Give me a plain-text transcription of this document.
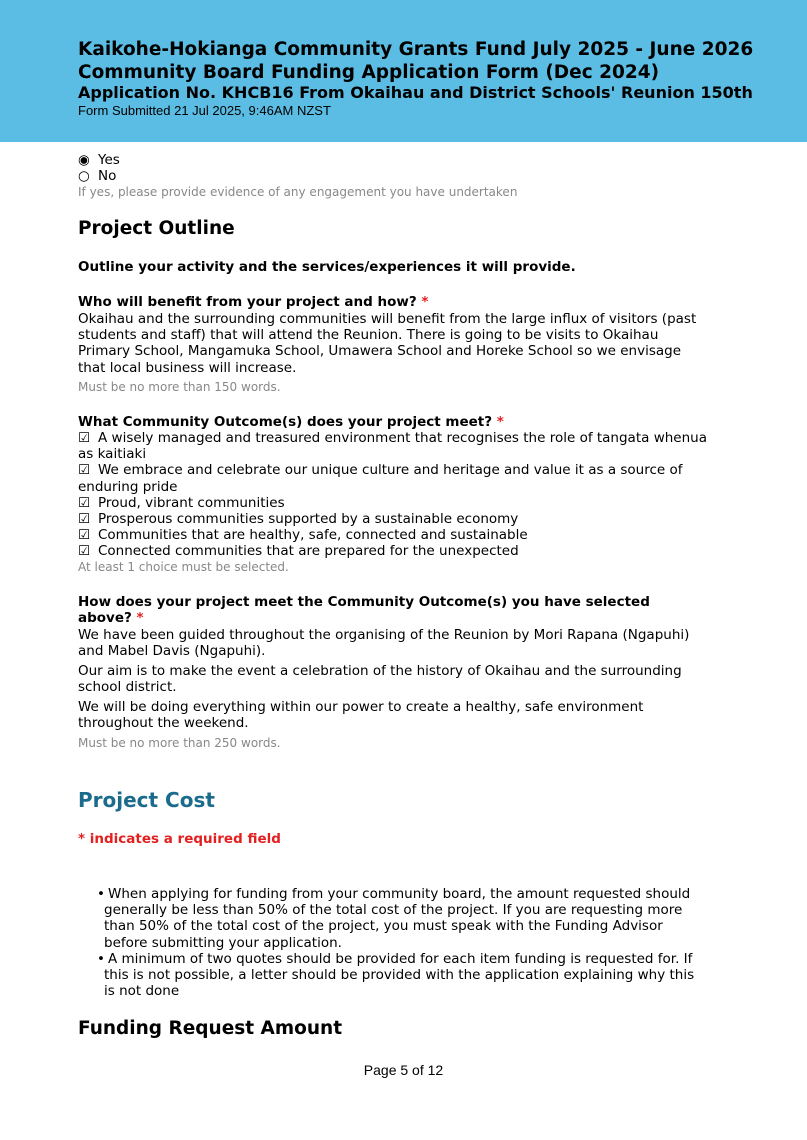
Kaikohe-Hokianga Community Grants Fund July 2025 - June 2026
Community Board Funding Application Form (Dec 2024)
Application No. KHCB16 From Okaihau and District Schools' Reunion 150th
Form Submitted 21 Jul 2025, 9:46AM NZST
◉ Yes
○ No
If yes, please provide evidence of any engagement you have undertaken
Project Outline
Outline your activity and the services/experiences it will provide.
Who will benefit from your project and how? *
Okaihau and the surrounding communities will benefit from the large influx of visitors (past students and staff) that will attend the Reunion. There is going to be visits to Okaihau Primary School, Mangamuka School, Umawera School and Horeke School so we envisage that local business will increase.
Must be no more than 150 words.
What Community Outcome(s) does your project meet? *
☑ A wisely managed and treasured environment that recognises the role of tangata whenua as kaitiaki
☑ We embrace and celebrate our unique culture and heritage and value it as a source of enduring pride
☑ Proud, vibrant communities
☑ Prosperous communities supported by a sustainable economy
☑ Communities that are healthy, safe, connected and sustainable
☑ Connected communities that are prepared for the unexpected
At least 1 choice must be selected.
How does your project meet the Community Outcome(s) you have selected above? *
We have been guided throughout the organising of the Reunion by Mori Rapana (Ngapuhi) and Mabel Davis (Ngapuhi).
Our aim is to make the event a celebration of the history of Okaihau and the surrounding school district.
We will be doing everything within our power to create a healthy, safe environment throughout the weekend.
Must be no more than 250 words.
Project Cost
* indicates a required field
• When applying for funding from your community board, the amount requested should generally be less than 50% of the total cost of the project. If you are requesting more than 50% of the total cost of the project, you must speak with the Funding Advisor before submitting your application.
• A minimum of two quotes should be provided for each item funding is requested for. If this is not possible, a letter should be provided with the application explaining why this is not done
Funding Request Amount
Page 5 of 12
